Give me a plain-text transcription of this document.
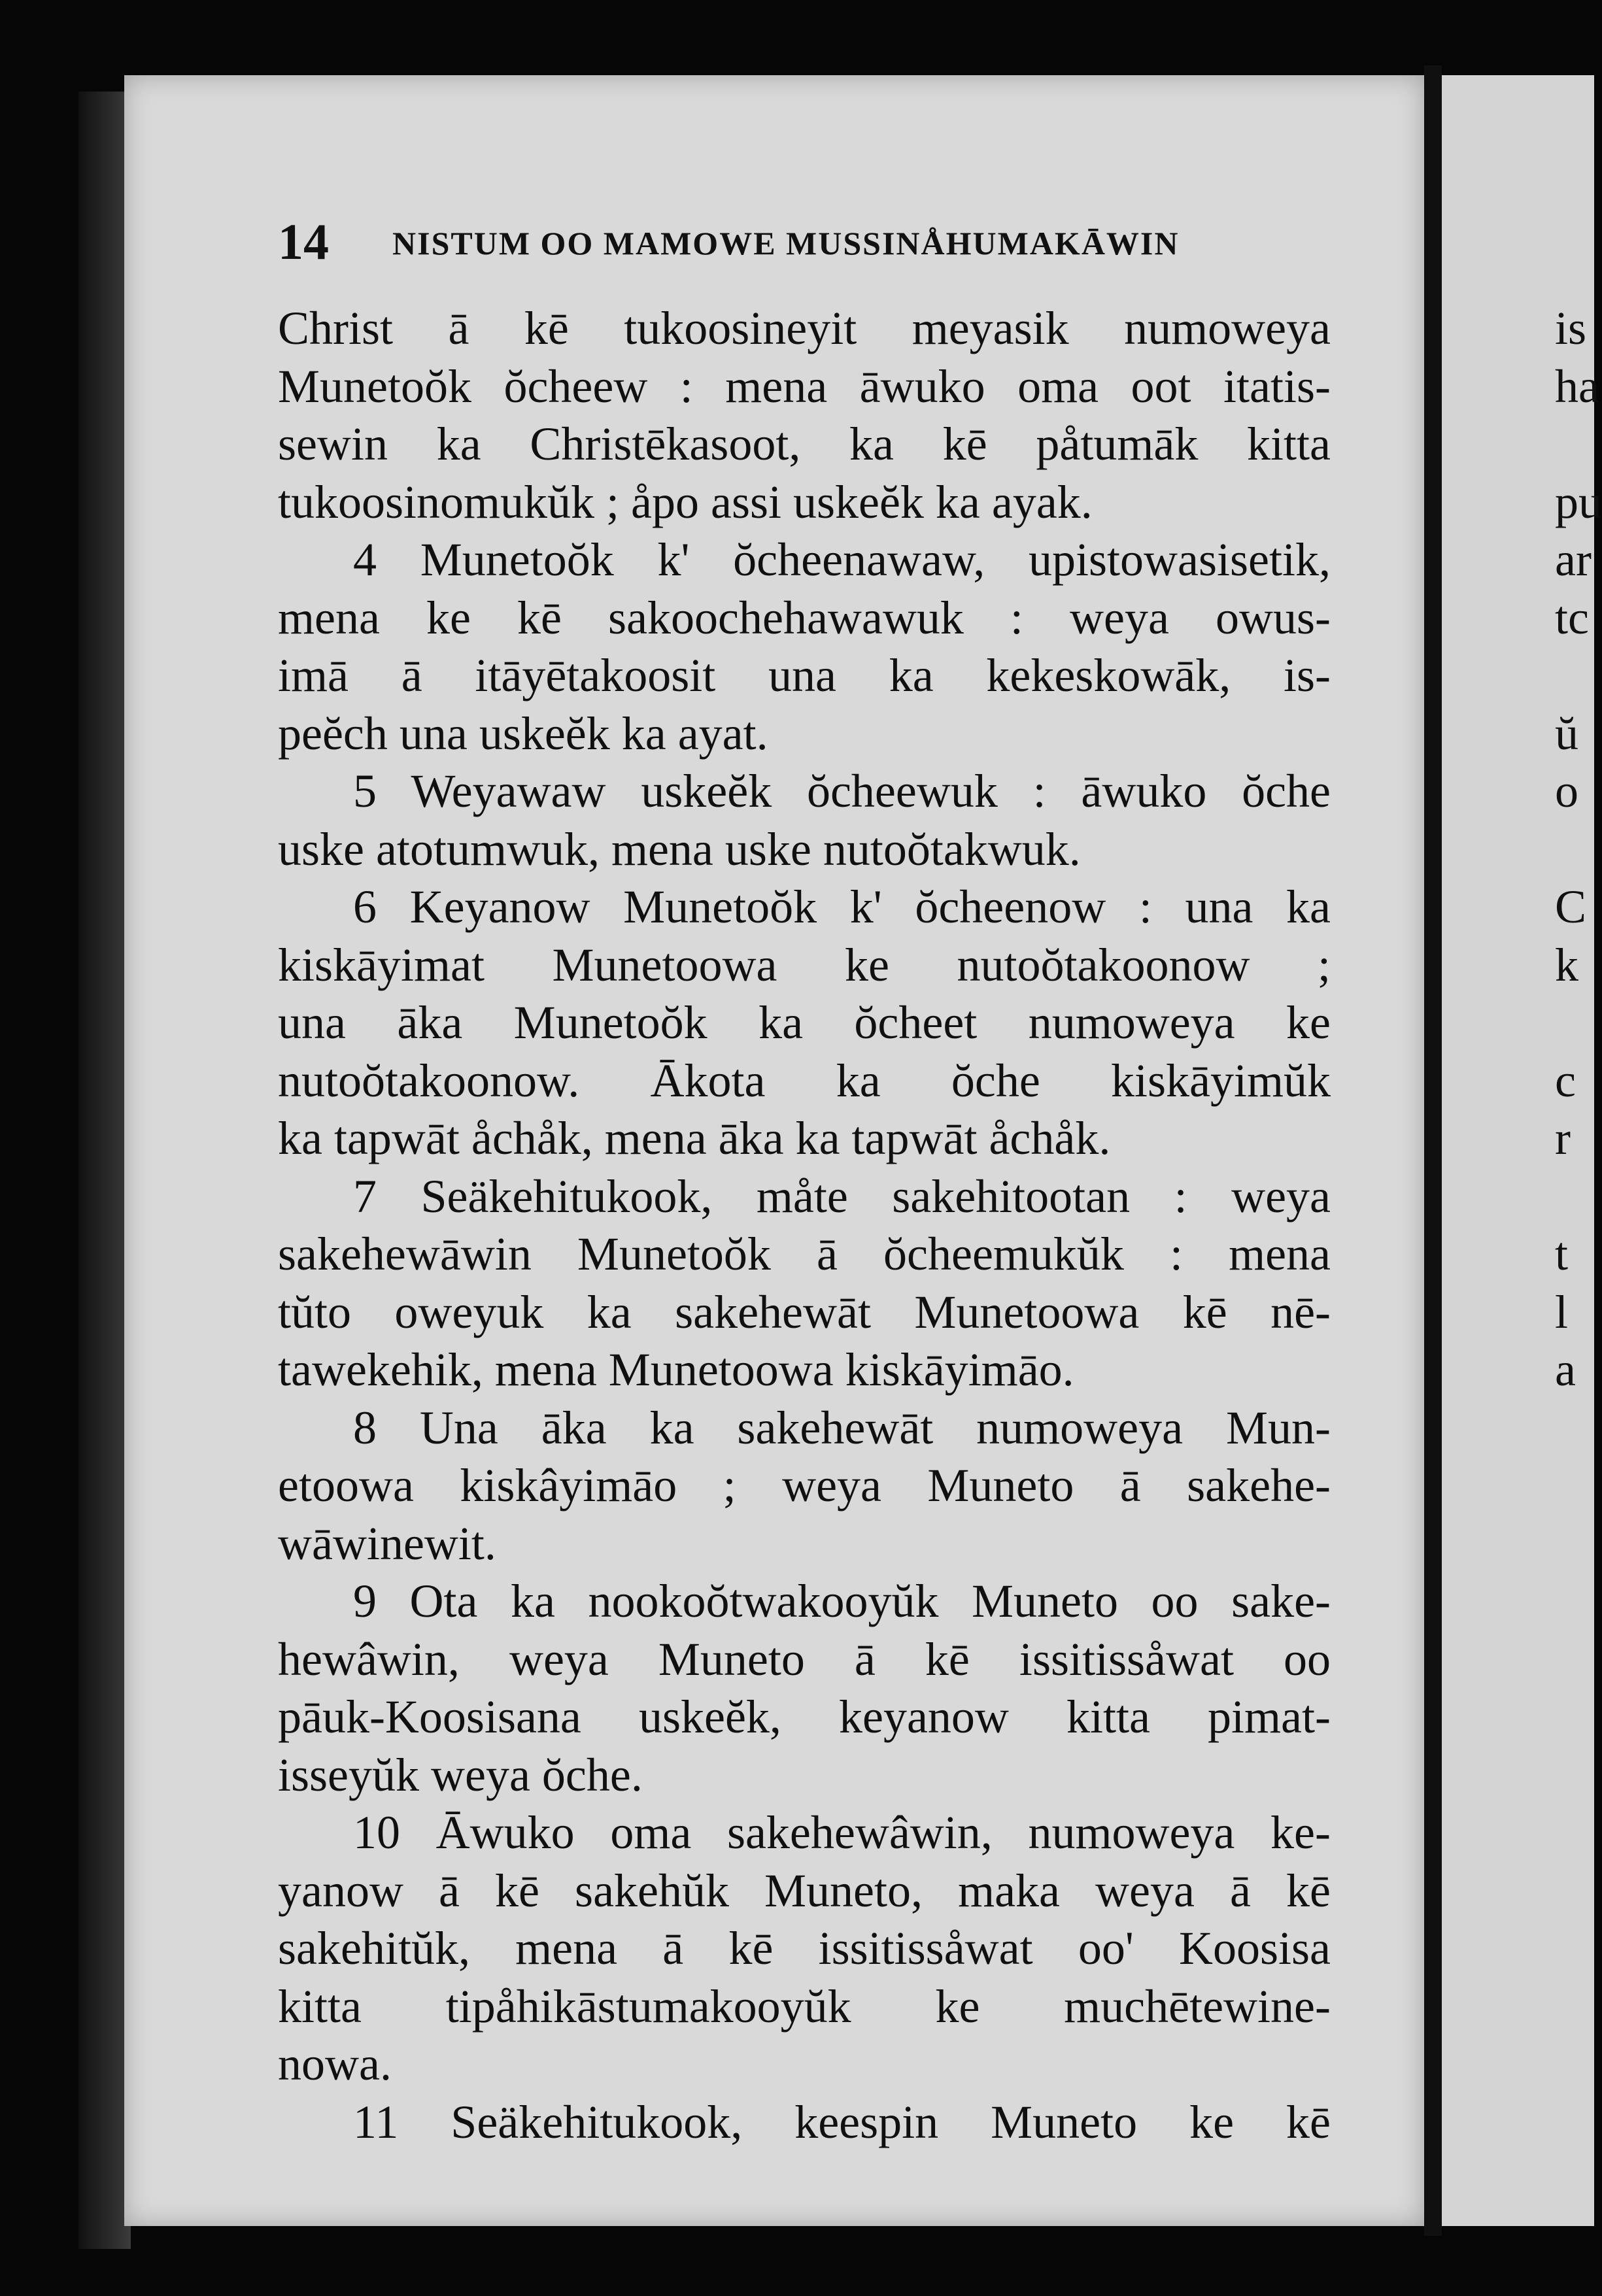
14 NISTUM OO MAMOWE MUSSINÅHUMAKĀWIN
Christ ā kē tukoosineyit meyasik numoweya
Munetoŏk ŏcheew : mena āwuko oma oot itatis-
sewin ka Christēkasoot, ka kē påtumāk kitta
tukoosinomukŭk ; åpo assi uskeĕk ka ayak.
4 Munetoŏk k' ŏcheenawaw, upistowasisetik,
mena ke kē sakoochehawawuk : weya owus-
imā ā itāyētakoosit una ka kekeskowāk, is-
peĕch una uskeĕk ka ayat.
5 Weyawaw uskeĕk ŏcheewuk : āwuko ŏche
uske atotumwuk, mena uske nutoŏtakwuk.
6 Keyanow Munetoŏk k' ŏcheenow : una ka
kiskāyimat Munetoowa ke nutoŏtakoonow ;
una āka Munetoŏk ka ŏcheet numoweya ke
nutoŏtakoonow. Ākota ka ŏche kiskāyimŭk
ka tapwāt åchåk, mena āka ka tapwāt åchåk.
7 Seäkehitukook, måte sakehitootan : weya
sakehewāwin Munetoŏk ā ŏcheemukŭk : mena
tŭto oweyuk ka sakehewāt Munetoowa kē nē-
tawekehik, mena Munetoowa kiskāyimāo.
8 Una āka ka sakehewāt numoweya Mun-
etoowa kiskâyimāo ; weya Muneto ā sakehe-
wāwinewit.
9 Ota ka nookoŏtwakooyŭk Muneto oo sake-
hewâwin, weya Muneto ā kē issitissåwat oo
pāuk-Koosisana uskeĕk, keyanow kitta pimat-
isseyŭk weya ŏche.
10 Āwuko oma sakehewâwin, numoweya ke-
yanow ā kē sakehŭk Muneto, maka weya ā kē
sakehitŭk, mena ā kē issitissåwat oo' Koosisa
kitta tipåhikāstumakooyŭk ke muchētewine-
nowa.
11 Seäkehitukook, keespin Muneto ke kē
is
ha
pu
ar
tc
ŭ
o
C
k
c
r
t
l
a
